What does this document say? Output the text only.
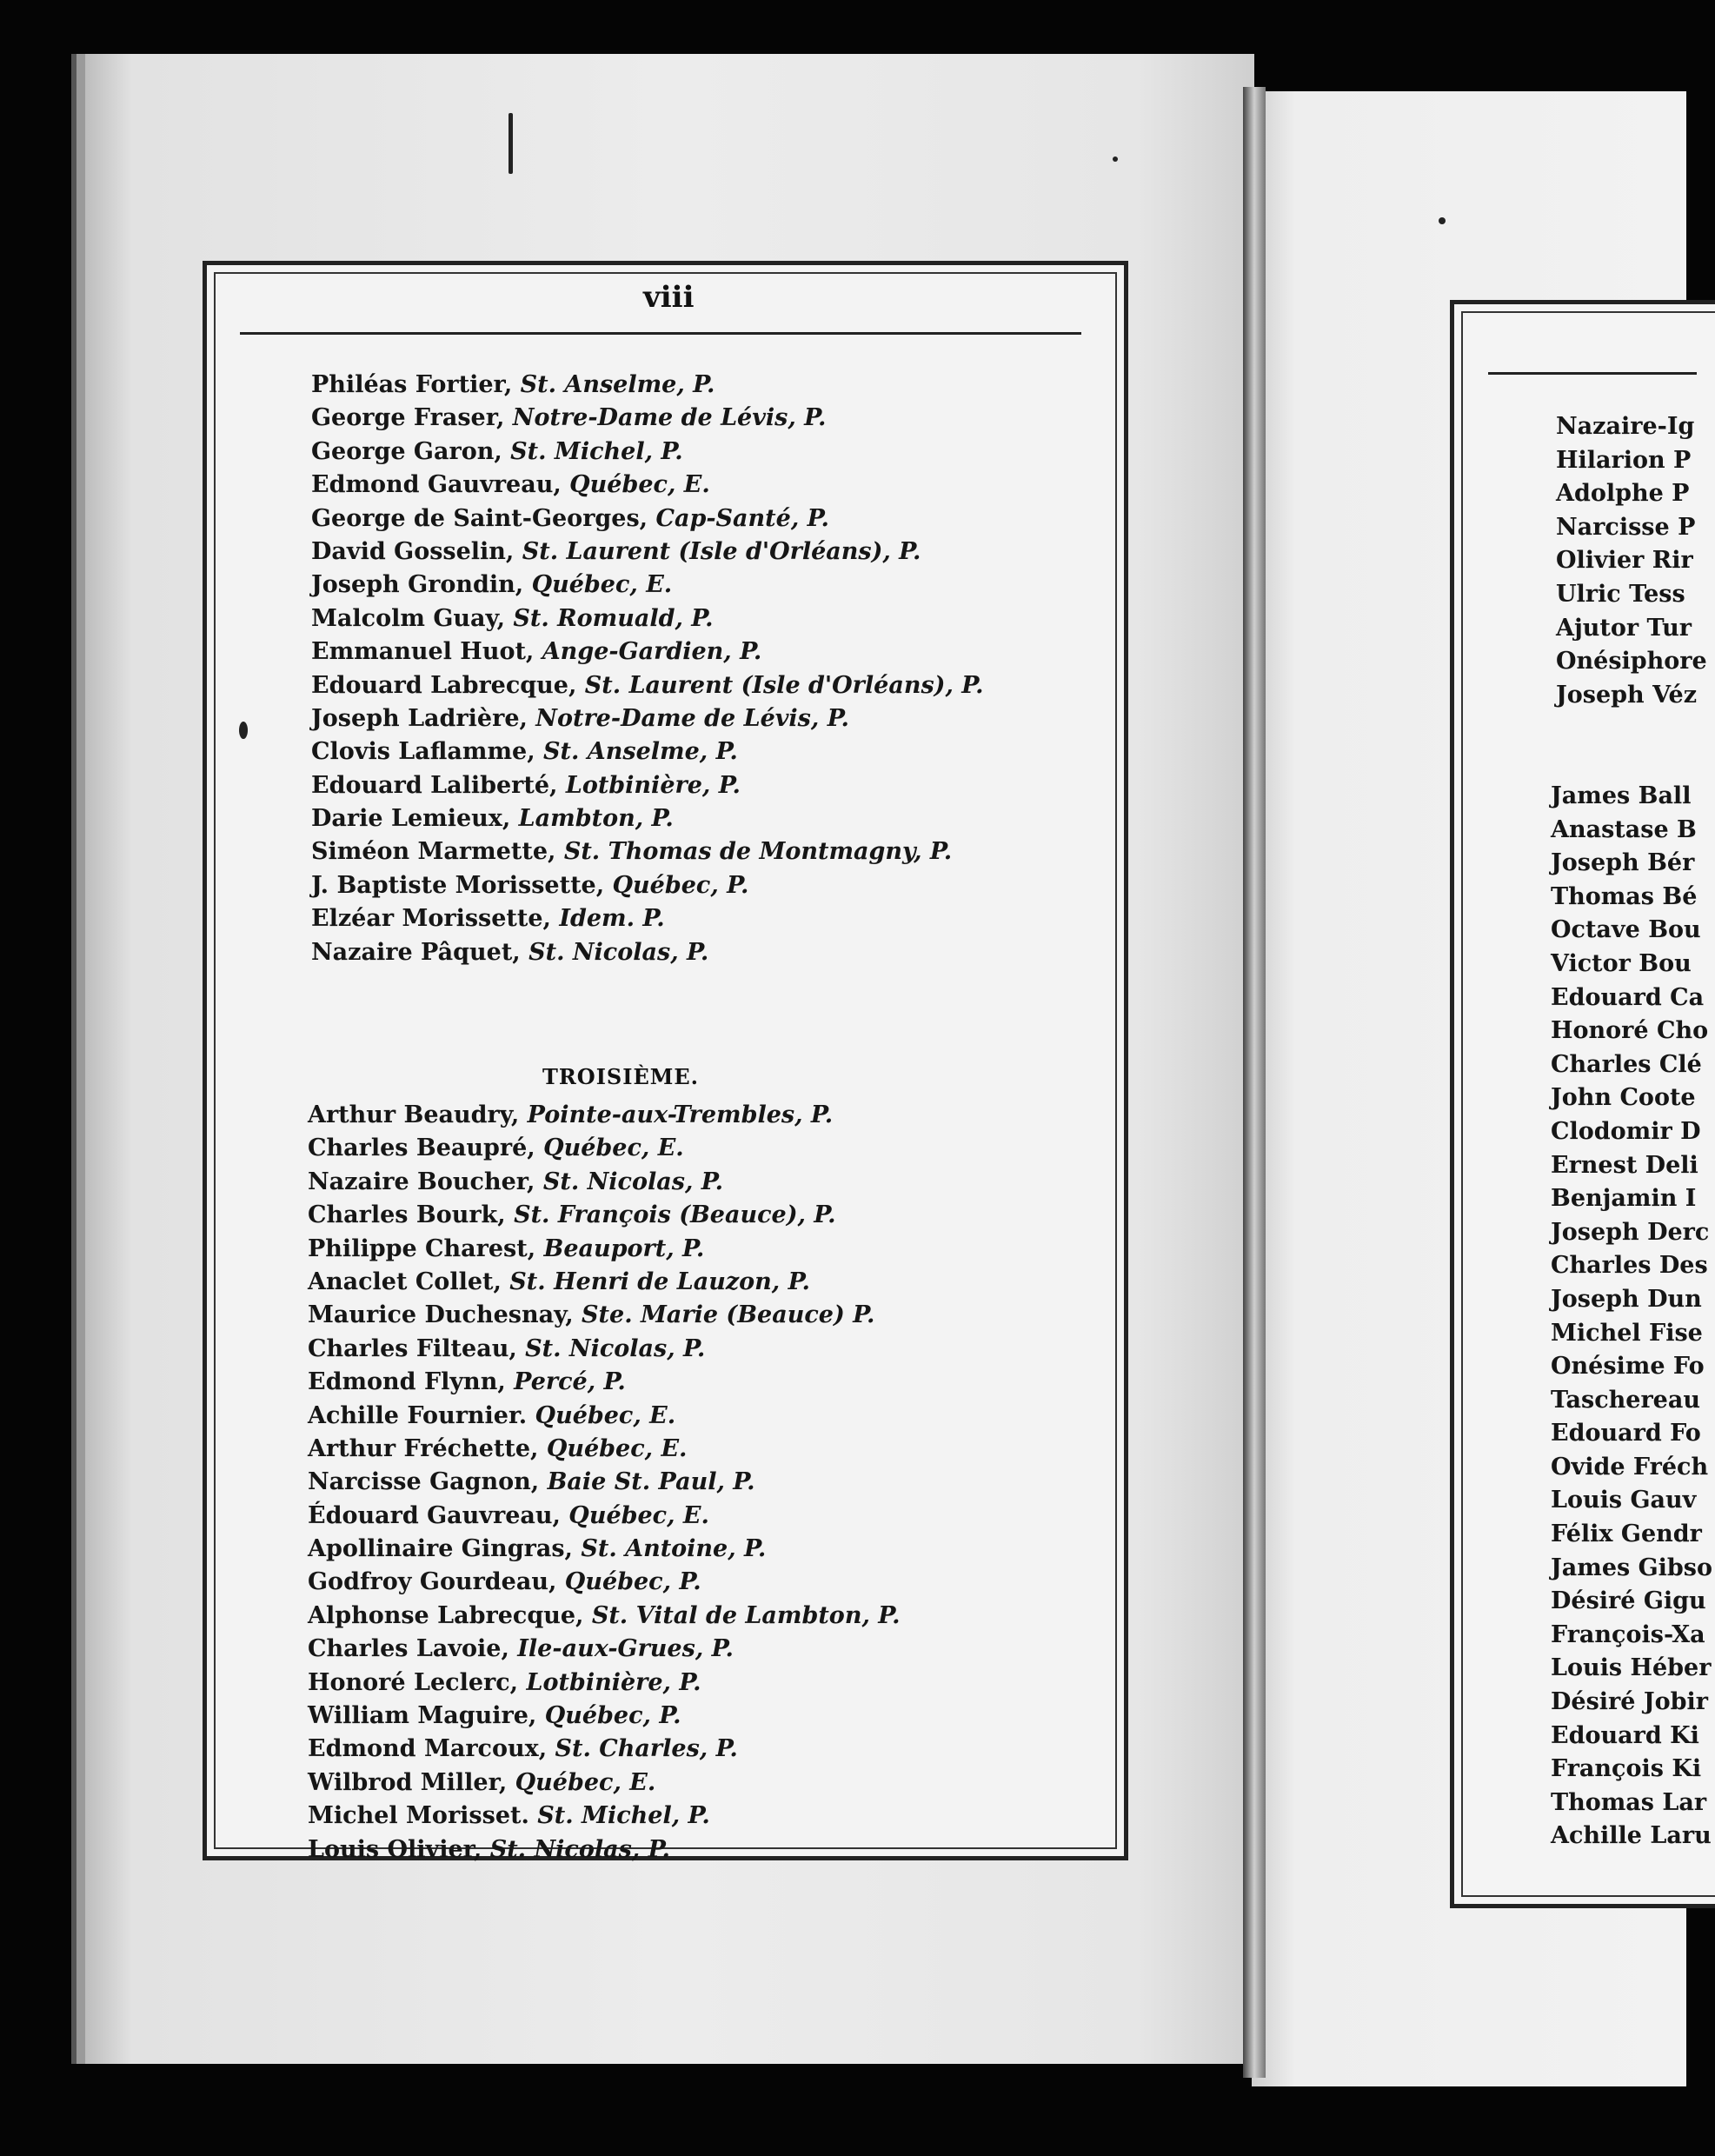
viii
Philéas Fortier, St. Anselme, P.
George Fraser, Notre-Dame de Lévis, P.
George Garon, St. Michel, P.
Edmond Gauvreau, Québec, E.
George de Saint-Georges, Cap-Santé, P.
David Gosselin, St. Laurent (Isle d'Orléans), P.
Joseph Grondin, Québec, E.
Malcolm Guay, St. Romuald, P.
Emmanuel Huot, Ange-Gardien, P.
Edouard Labrecque, St. Laurent (Isle d'Orléans), P.
Joseph Ladrière, Notre-Dame de Lévis, P.
Clovis Laflamme, St. Anselme, P.
Edouard Laliberté, Lotbinière, P.
Darie Lemieux, Lambton, P.
Siméon Marmette, St. Thomas de Montmagny, P.
J. Baptiste Morissette, Québec, P.
Elzéar Morissette, Idem. P.
Nazaire Pâquet, St. Nicolas, P.
TROISIÈME.
Arthur Beaudry, Pointe-aux-Trembles, P.
Charles Beaupré, Québec, E.
Nazaire Boucher, St. Nicolas, P.
Charles Bourk, St. François (Beauce), P.
Philippe Charest, Beauport, P.
Anaclet Collet, St. Henri de Lauzon, P.
Maurice Duchesnay, Ste. Marie (Beauce) P.
Charles Filteau, St. Nicolas, P.
Edmond Flynn, Percé, P.
Achille Fournier. Québec, E.
Arthur Fréchette, Québec, E.
Narcisse Gagnon, Baie St. Paul, P.
Édouard Gauvreau, Québec, E.
Apollinaire Gingras, St. Antoine, P.
Godfroy Gourdeau, Québec, P.
Alphonse Labrecque, St. Vital de Lambton, P.
Charles Lavoie, Ile-aux-Grues, P.
Honoré Leclerc, Lotbinière, P.
William Maguire, Québec, P.
Edmond Marcoux, St. Charles, P.
Wilbrod Miller, Québec, E.
Michel Morisset. St. Michel, P.
Louis Olivier, St. Nicolas, P.
Nazaire-Ig
Hilarion P
Adolphe P
Narcisse P
Olivier Rir
Ulric Tess
Ajutor Tur
Onésiphore
Joseph Véz
James Ball
Anastase B
Joseph Bér
Thomas Bé
Octave Bou
Victor Bou
Edouard Ca
Honoré Cho
Charles Clé
John Coote
Clodomir D
Ernest Deli
Benjamin I
Joseph Derc
Charles Des
Joseph Dun
Michel Fise
Onésime Fo
Taschereau
Edouard Fo
Ovide Fréch
Louis Gauv
Félix Gendr
James Gibso
Désiré Gigu
François-Xa
Louis Héber
Désiré Jobir
Edouard Ki
François Ki
Thomas Lar
Achille Laru
